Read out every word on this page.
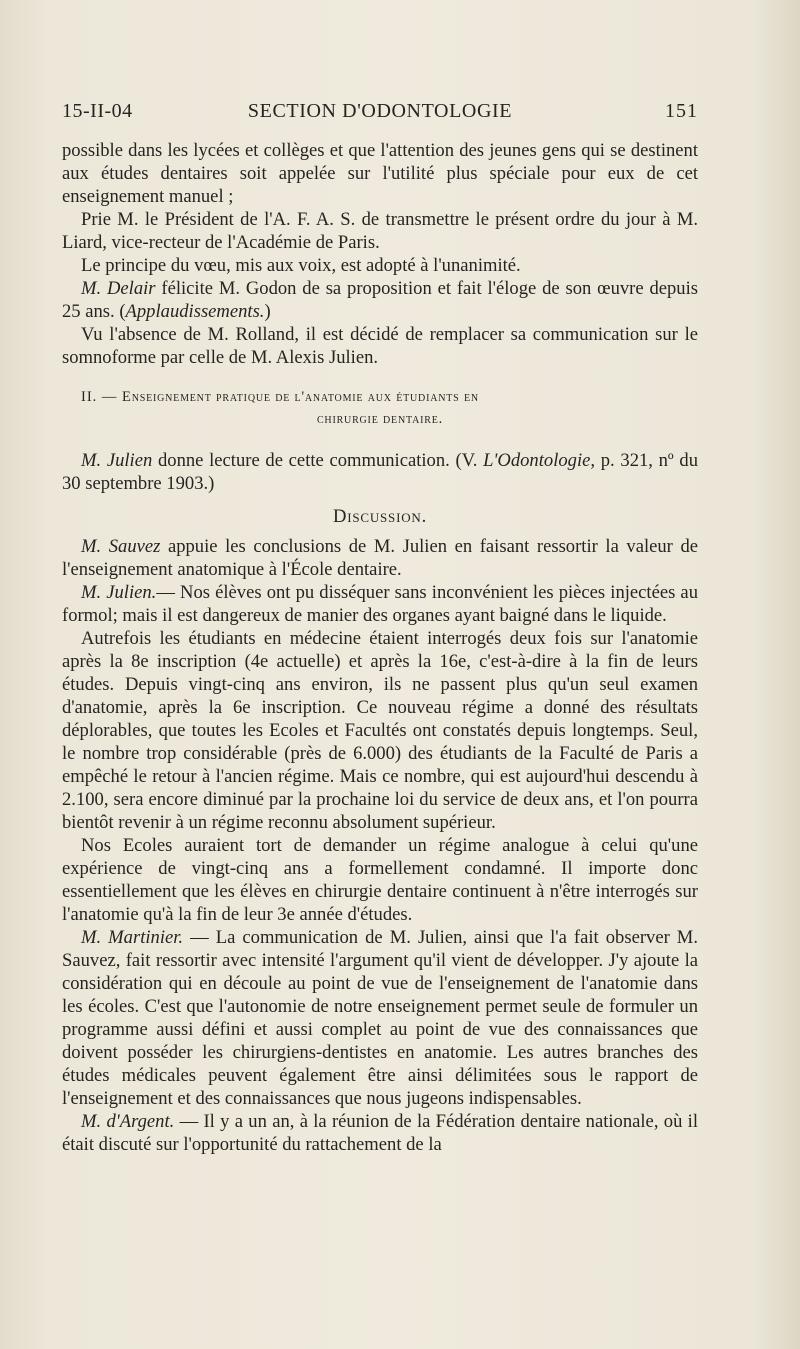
15-II-04	SECTION D'ODONTOLOGIE	151

possible dans les lycées et collèges et que l'attention des jeunes gens qui se destinent aux études dentaires soit appelée sur l'utilité plus spéciale pour eux de cet enseignement manuel ;

Prie M. le Président de l'A. F. A. S. de transmettre le présent ordre du jour à M. Liard, vice-recteur de l'Académie de Paris.

Le principe du vœu, mis aux voix, est adopté à l'unanimité.

M. Delair félicite M. Godon de sa proposition et fait l'éloge de son œuvre depuis 25 ans. (Applaudissements.)

Vu l'absence de M. Rolland, il est décidé de remplacer sa communication sur le somnoforme par celle de M. Alexis Julien.

II. — Enseignement pratique de l'anatomie aux étudiants en
chirurgie dentaire.

M. Julien donne lecture de cette communication. (V. L'Odontologie, p. 321, nº du 30 septembre 1903.)

Discussion.

M. Sauvez appuie les conclusions de M. Julien en faisant ressortir la valeur de l'enseignement anatomique à l'École dentaire.

M. Julien.— Nos élèves ont pu disséquer sans inconvénient les pièces injectées au formol; mais il est dangereux de manier des organes ayant baigné dans le liquide.

Autrefois les étudiants en médecine étaient interrogés deux fois sur l'anatomie après la 8e inscription (4e actuelle) et après la 16e, c'est-à-dire à la fin de leurs études. Depuis vingt-cinq ans environ, ils ne passent plus qu'un seul examen d'anatomie, après la 6e inscription. Ce nouveau régime a donné des résultats déplorables, que toutes les Ecoles et Facultés ont constatés depuis longtemps. Seul, le nombre trop considérable (près de 6.000) des étudiants de la Faculté de Paris a empêché le retour à l'ancien régime. Mais ce nombre, qui est aujourd'hui descendu à 2.100, sera encore diminué par la prochaine loi du service de deux ans, et l'on pourra bientôt revenir à un régime reconnu absolument supérieur.

Nos Ecoles auraient tort de demander un régime analogue à celui qu'une expérience de vingt-cinq ans a formellement condamné. Il importe donc essentiellement que les élèves en chirurgie dentaire continuent à n'être interrogés sur l'anatomie qu'à la fin de leur 3e année d'études.

M. Martinier. — La communication de M. Julien, ainsi que l'a fait observer M. Sauvez, fait ressortir avec intensité l'argument qu'il vient de développer. J'y ajoute la considération qui en découle au point de vue de l'enseignement de l'anatomie dans les écoles. C'est que l'autonomie de notre enseignement permet seule de formuler un programme aussi défini et aussi complet au point de vue des connaissances que doivent posséder les chirurgiens-dentistes en anatomie. Les autres branches des études médicales peuvent également être ainsi délimitées sous le rapport de l'enseignement et des connaissances que nous jugeons indispensables.

M. d'Argent. — Il y a un an, à la réunion de la Fédération dentaire nationale, où il était discuté sur l'opportunité du rattachement de la
